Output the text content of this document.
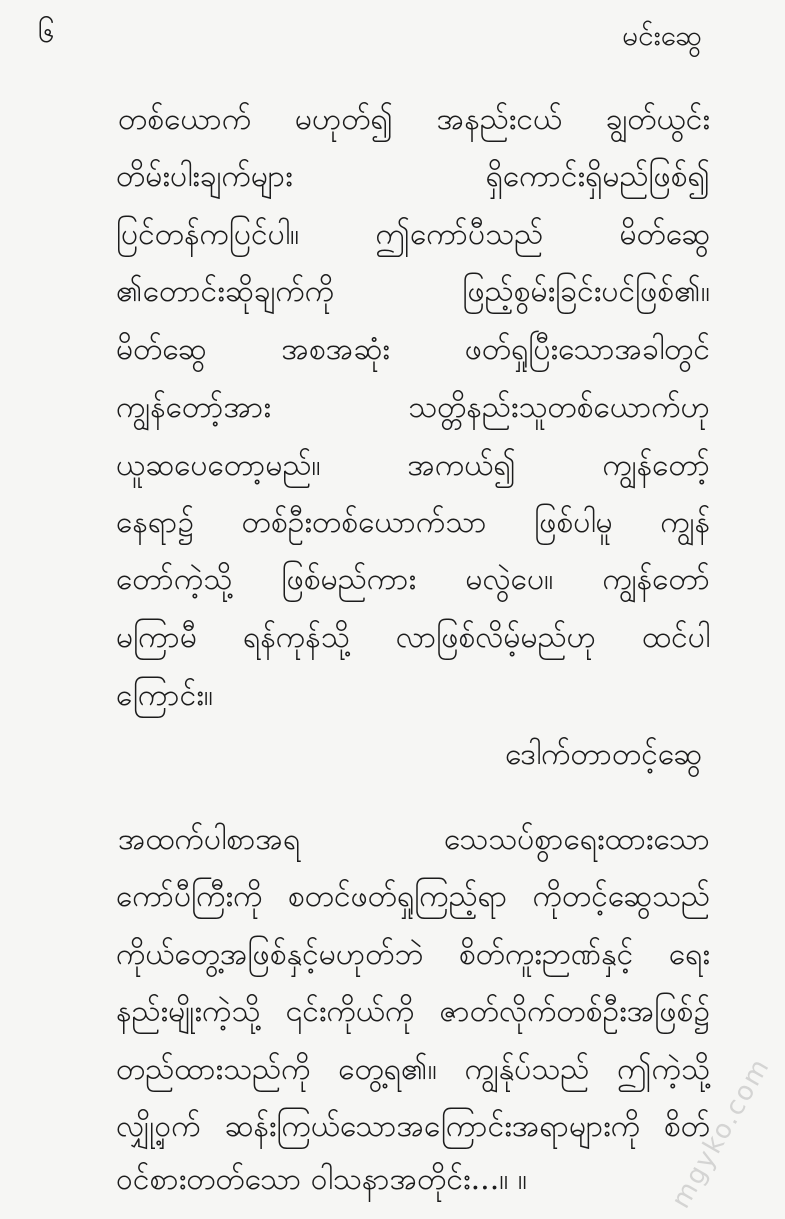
၆	မင်းဆွေ
တစ်ယောက် မဟုတ်၍ အနည်းငယ် ချွတ်ယွင်း
တိမ်းပါးချက်များ ရှိကောင်းရှိမည်ဖြစ်၍
ပြင်တန်ကပြင်ပါ။ ဤကော်ပီသည် မိတ်ဆွေ
၏တောင်းဆိုချက်ကို ဖြည့်စွမ်းခြင်းပင်ဖြစ်၏။
မိတ်ဆွေ အစအဆုံး ဖတ်ရှုပြီးသောအခါတွင်
ကျွန်တော့်အား သတ္တိနည်းသူတစ်ယောက်ဟု
ယူဆပေတော့မည်။ အကယ်၍ ကျွန်တော့်
နေရာ၌ တစ်ဦးတစ်ယောက်သာ ဖြစ်ပါမူ ကျွန်
တော်ကဲ့သို့ ဖြစ်မည်ကား မလွဲပေ။ ကျွန်တော်
မကြာမီ ရန်ကုန်သို့ လာဖြစ်လိမ့်မည်ဟု ထင်ပါ
ကြောင်း။
ဒေါက်တာတင့်ဆွေ
အထက်ပါစာအရ သေသပ်စွာရေးထားသော
ကော်ပီကြီးကို စတင်ဖတ်ရှုကြည့်ရာ ကိုတင့်ဆွေသည်
ကိုယ်တွေ့အဖြစ်နှင့်မဟုတ်ဘဲ စိတ်ကူးဉာဏ်နှင့် ရေး
နည်းမျိုးကဲ့သို့ ၎င်းကိုယ်ကို ဇာတ်လိုက်တစ်ဦးအဖြစ်၌
တည်ထားသည်ကို တွေ့ရ၏။ ကျွန်ုပ်သည် ဤကဲ့သို့
လျှို့ဝှက် ဆန်းကြယ်သောအကြောင်းအရာများကို စိတ်
ဝင်စားတတ်သော ဝါသနာအတိုင်း...။ ။	mgyko.com
